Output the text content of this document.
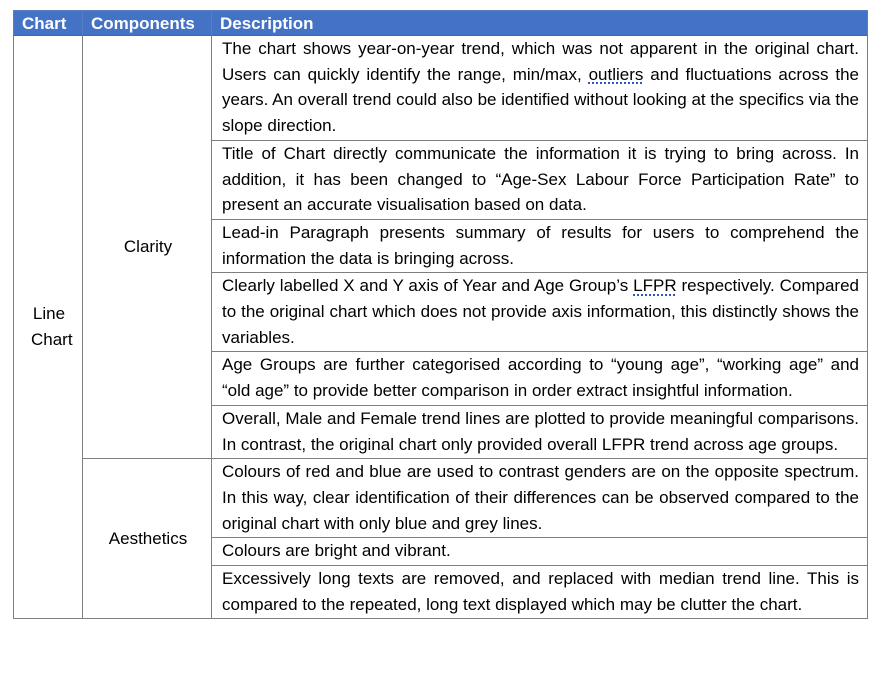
Chart	Components	Description
Line Chart	Clarity	The chart shows year-on-year trend, which was not apparent in the original chart. Users can quickly identify the range, min/max, outliers and fluctuations across the years. An overall trend could also be identified without looking at the specifics via the slope direction.
		Title of Chart directly communicate the information it is trying to bring across. In addition, it has been changed to “Age-Sex Labour Force Participation Rate” to present an accurate visualisation based on data.
		Lead-in Paragraph presents summary of results for users to comprehend the information the data is bringing across.
		Clearly labelled X and Y axis of Year and Age Group’s LFPR respectively. Compared to the original chart which does not provide axis information, this distinctly shows the variables.
		Age Groups are further categorised according to “young age”, “working age” and “old age” to provide better comparison in order extract insightful information.
		Overall, Male and Female trend lines are plotted to provide meaningful comparisons.   In contrast, the original chart only provided overall LFPR trend across age groups.
	Aesthetics	Colours of red and blue are used to contrast genders are on the opposite spectrum. In this way, clear identification of their differences can be observed compared to the original chart with only blue and grey lines.
		Colours are bright and vibrant.
		Excessively long texts are removed, and replaced with median trend line. This is compared to the repeated, long text displayed which may be clutter the chart.
